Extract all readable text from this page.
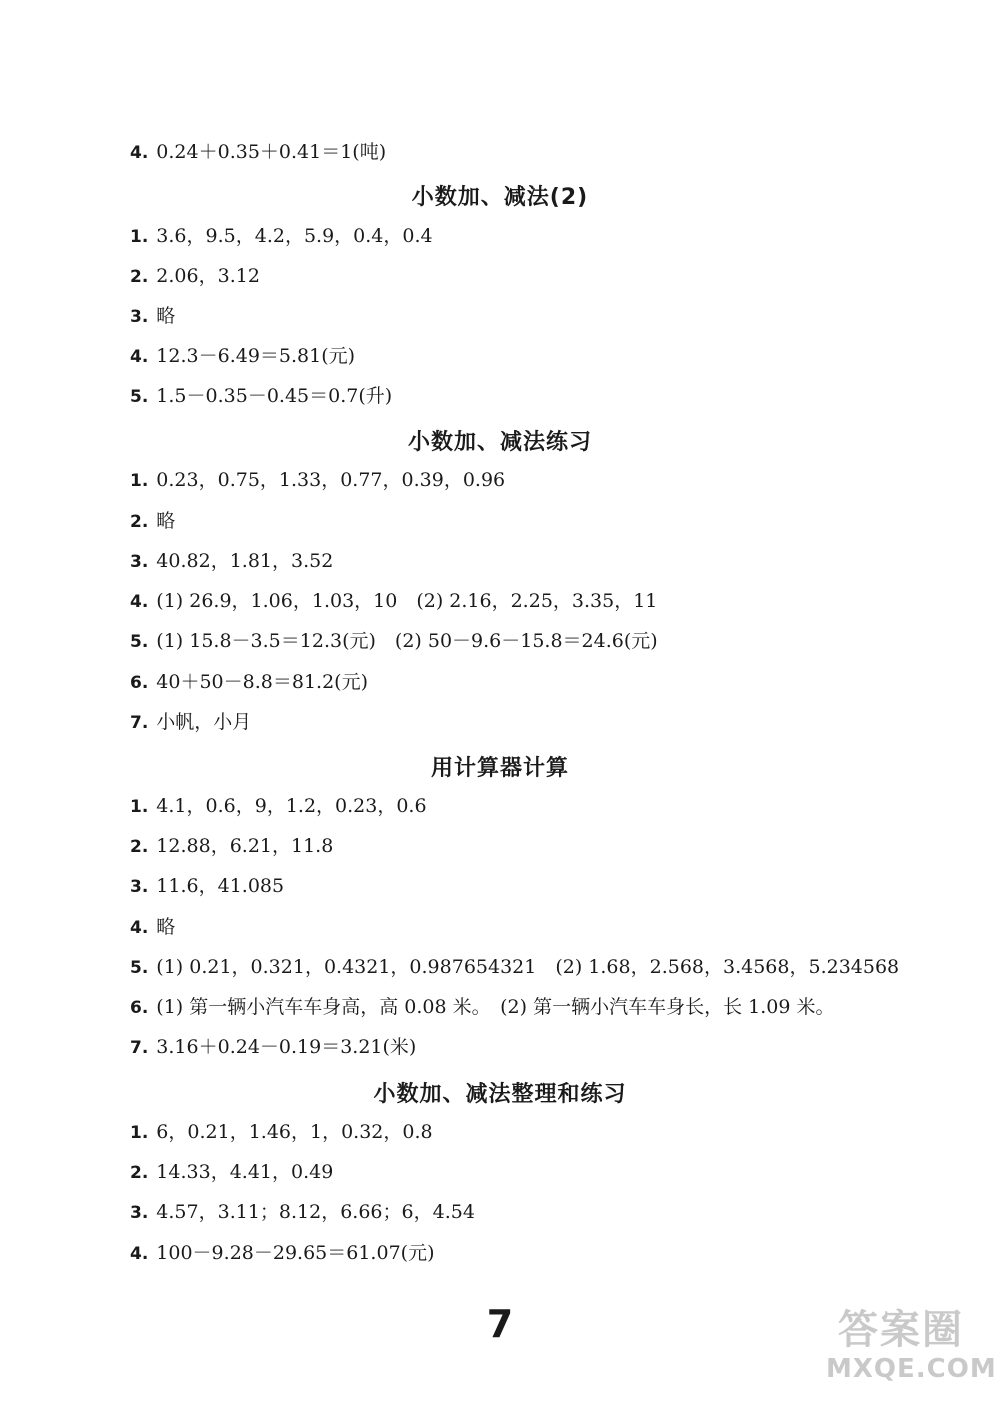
4. 0.24＋0.35＋0.41＝1(吨)
小数加、减法(2)
1. 3.6，9.5，4.2，5.9，0.4，0.4
2. 2.06，3.12
3. 略
4. 12.3－6.49＝5.81(元)
5. 1.5－0.35－0.45＝0.7(升)
小数加、减法练习
1. 0.23，0.75，1.33，0.77，0.39，0.96
2. 略
3. 40.82，1.81，3.52
4. (1) 26.9，1.06，1.03，10　(2) 2.16，2.25，3.35，11
5. (1) 15.8－3.5＝12.3(元)　(2) 50－9.6－15.8＝24.6(元)
6. 40＋50－8.8＝81.2(元)
7. 小帆，小月
用计算器计算
1. 4.1，0.6，9，1.2，0.23，0.6
2. 12.88，6.21，11.8
3. 11.6，41.085
4. 略
5. (1) 0.21，0.321，0.4321，0.987654321　(2) 1.68，2.568，3.4568，5.234568
6. (1) 第一辆小汽车车身高，高 0.08 米。　(2) 第一辆小汽车车身长，长 1.09 米。
7. 3.16＋0.24－0.19＝3.21(米)
小数加、减法整理和练习
1. 6，0.21，1.46，1，0.32，0.8
2. 14.33，4.41，0.49
3. 4.57，3.11；8.12，6.66；6，4.54
4. 100－9.28－29.65＝61.07(元)
7	答案圈
MXQE.COM
